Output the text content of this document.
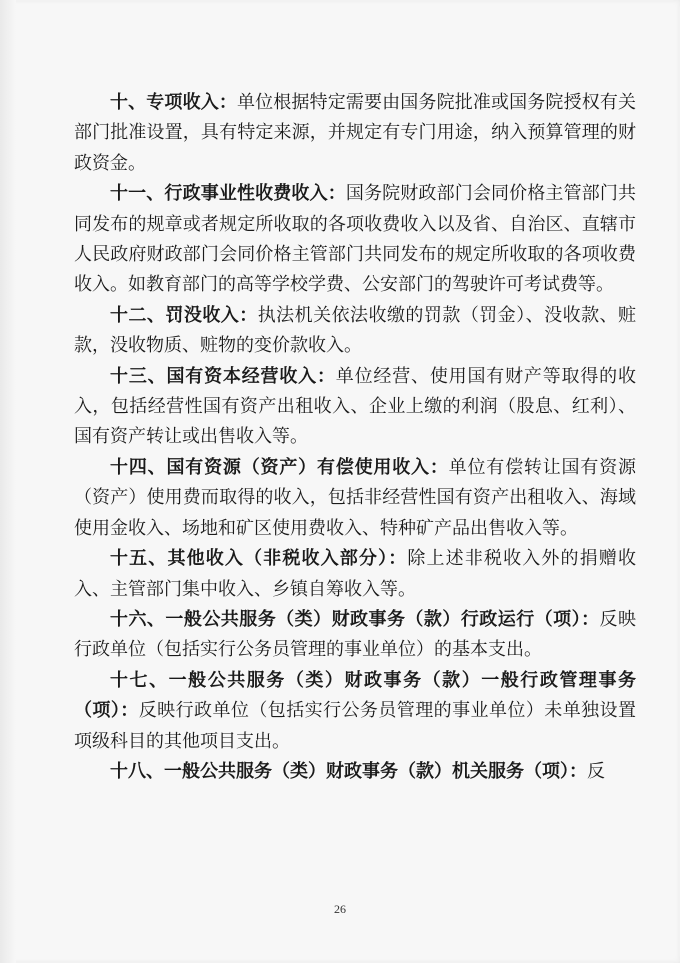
十、专项收入：单位根据特定需要由国务院批准或国务院授权有关部门批准设置，具有特定来源，并规定有专门用途，纳入预算管理的财政资金。

十一、行政事业性收费收入：国务院财政部门会同价格主管部门共同发布的规章或者规定所收取的各项收费收入以及省、自治区、直辖市人民政府财政部门会同价格主管部门共同发布的规定所收取的各项收费收入。如教育部门的高等学校学费、公安部门的驾驶许可考试费等。

十二、罚没收入：执法机关依法收缴的罚款（罚金）、没收款、赃款，没收物质、赃物的变价款收入。

十三、国有资本经营收入：单位经营、使用国有财产等取得的收入，包括经营性国有资产出租收入、企业上缴的利润（股息、红利）、国有资产转让或出售收入等。

十四、国有资源（资产）有偿使用收入：单位有偿转让国有资源（资产）使用费而取得的收入，包括非经营性国有资产出租收入、海域使用金收入、场地和矿区使用费收入、特种矿产品出售收入等。

十五、其他收入（非税收入部分）：除上述非税收入外的捐赠收入、主管部门集中收入、乡镇自筹收入等。

十六、一般公共服务（类）财政事务（款）行政运行（项）：反映行政单位（包括实行公务员管理的事业单位）的基本支出。

十七、一般公共服务（类）财政事务（款）一般行政管理事务（项）：反映行政单位（包括实行公务员管理的事业单位）未单独设置项级科目的其他项目支出。

十八、一般公共服务（类）财政事务（款）机关服务（项）：反

26
